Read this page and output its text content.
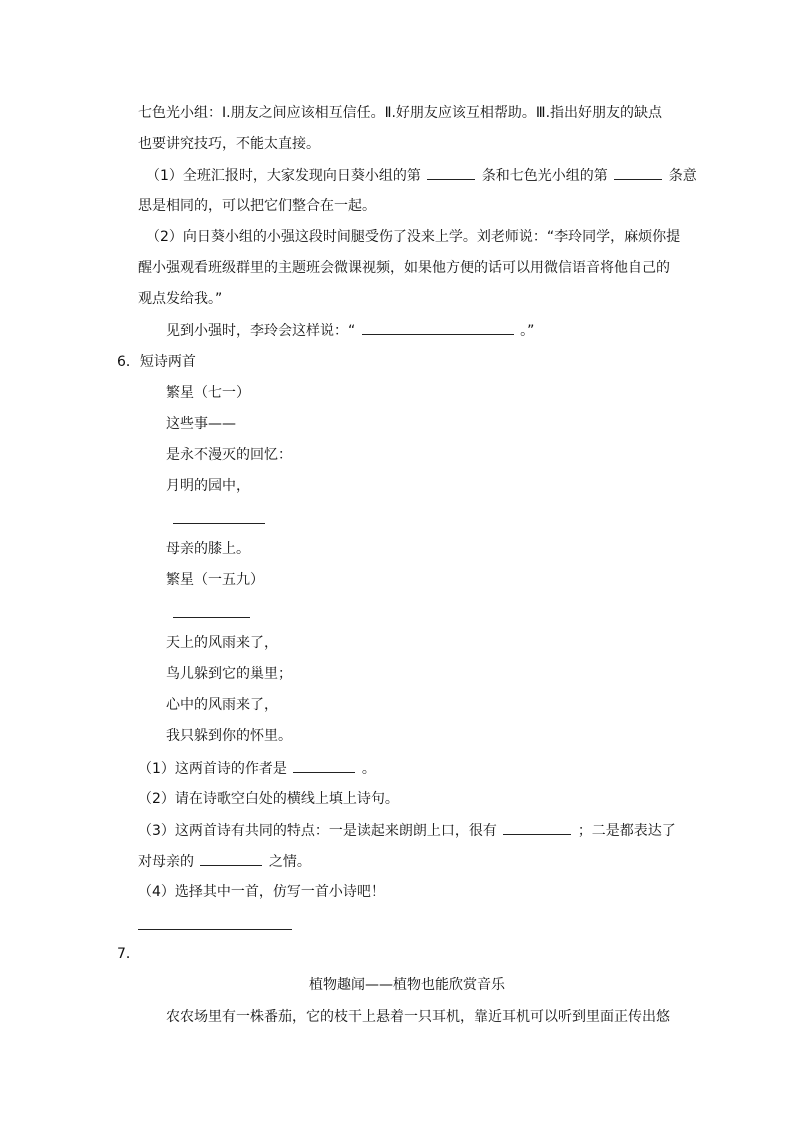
七色光小组：Ⅰ.朋友之间应该相互信任。Ⅱ.好朋友应该互相帮助。Ⅲ.指出好朋友的缺点
也要讲究技巧，不能太直接。
（1）全班汇报时，大家发现向日葵小组的第	条和七色光小组的第	条意
思是相同的，可以把它们整合在一起。
（2）向日葵小组的小强这段时间腿受伤了没来上学。刘老师说：“李玲同学，麻烦你提
醒小强观看班级群里的主题班会微课视频，如果他方便的话可以用微信语音将他自己的
观点发给我。”
见到小强时，李玲会这样说：“	。”
6．短诗两首
繁星（七一）
这些事——
是永不漫灭的回忆：
月明的园中，
母亲的膝上。
繁星（一五九）
天上的风雨来了，
鸟儿躲到它的巢里；
心中的风雨来了，
我只躲到你的怀里。
（1）这两首诗的作者是	。
（2）请在诗歌空白处的横线上填上诗句。
（3）这两首诗有共同的特点：一是读起来朗朗上口，很有	；二是都表达了
对母亲的	之情。
（4）选择其中一首，仿写一首小诗吧！
7．
植物趣闻——植物也能欣赏音乐
农农场里有一株番茄，它的枝干上悬着一只耳机，靠近耳机可以听到里面正传出悠
